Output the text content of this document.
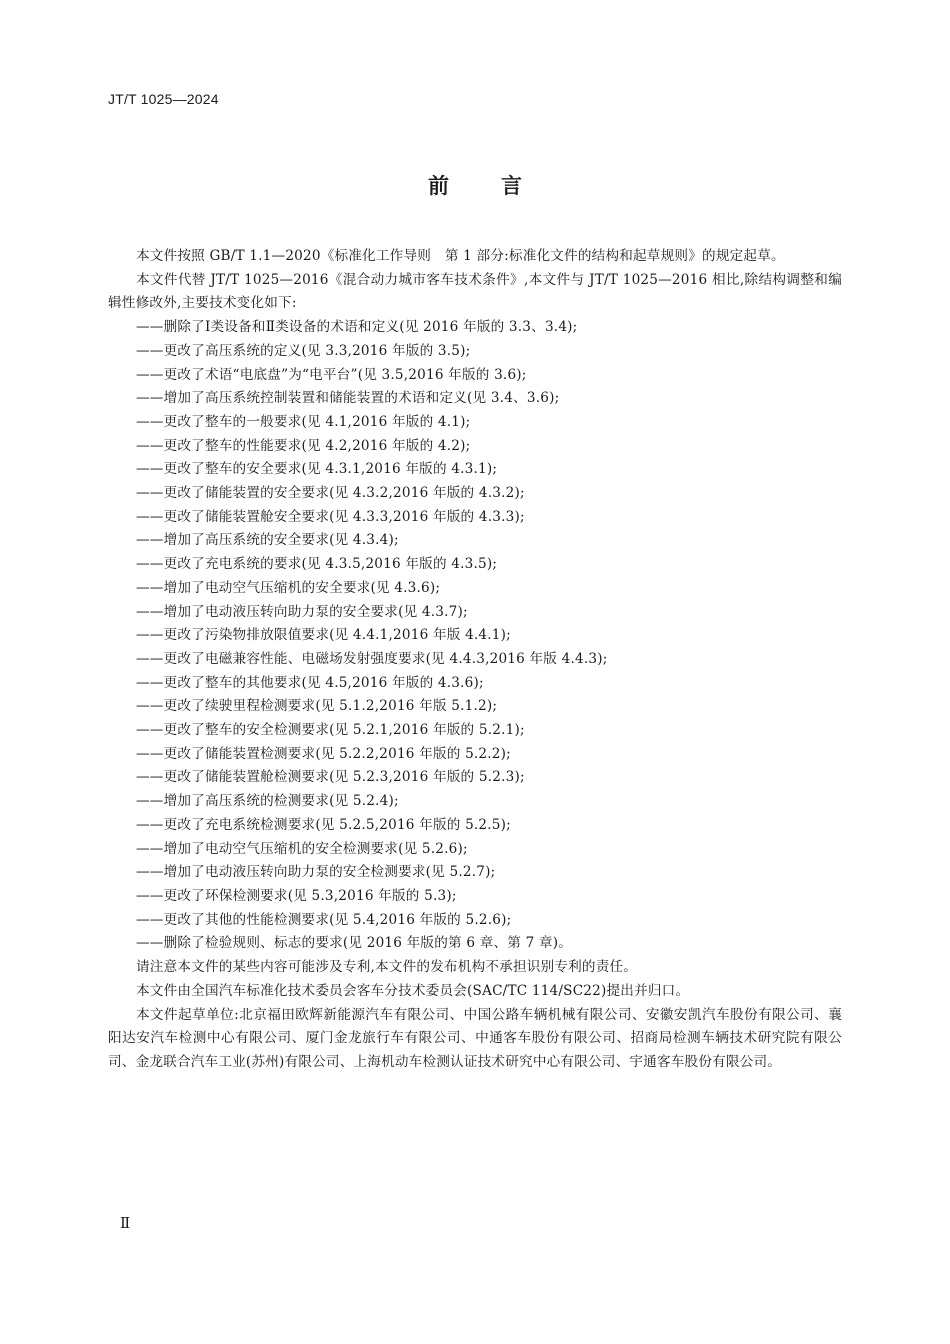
JT/T 1025—2024
前言

本文件按照 GB/T 1.1—2020《标准化工作导则　第 1 部分:标准化文件的结构和起草规则》的规定起草。

本文件代替 JT/T 1025—2016《混合动力城市客车技术条件》,本文件与 JT/T 1025—2016 相比,除结构调整和编辑性修改外,主要技术变化如下:

——删除了Ⅰ类设备和Ⅱ类设备的术语和定义(见 2016 年版的 3.3、3.4);
——更改了高压系统的定义(见 3.3,2016 年版的 3.5);
——更改了术语“电底盘”为“电平台”(见 3.5,2016 年版的 3.6);
——增加了高压系统控制装置和储能装置的术语和定义(见 3.4、3.6);
——更改了整车的一般要求(见 4.1,2016 年版的 4.1);
——更改了整车的性能要求(见 4.2,2016 年版的 4.2);
——更改了整车的安全要求(见 4.3.1,2016 年版的 4.3.1);
——更改了储能装置的安全要求(见 4.3.2,2016 年版的 4.3.2);
——更改了储能装置舱安全要求(见 4.3.3,2016 年版的 4.3.3);
——增加了高压系统的安全要求(见 4.3.4);
——更改了充电系统的要求(见 4.3.5,2016 年版的 4.3.5);
——增加了电动空气压缩机的安全要求(见 4.3.6);
——增加了电动液压转向助力泵的安全要求(见 4.3.7);
——更改了污染物排放限值要求(见 4.4.1,2016 年版 4.4.1);
——更改了电磁兼容性能、电磁场发射强度要求(见 4.4.3,2016 年版 4.4.3);
——更改了整车的其他要求(见 4.5,2016 年版的 4.3.6);
——更改了续驶里程检测要求(见 5.1.2,2016 年版 5.1.2);
——更改了整车的安全检测要求(见 5.2.1,2016 年版的 5.2.1);
——更改了储能装置检测要求(见 5.2.2,2016 年版的 5.2.2);
——更改了储能装置舱检测要求(见 5.2.3,2016 年版的 5.2.3);
——增加了高压系统的检测要求(见 5.2.4);
——更改了充电系统检测要求(见 5.2.5,2016 年版的 5.2.5);
——增加了电动空气压缩机的安全检测要求(见 5.2.6);
——增加了电动液压转向助力泵的安全检测要求(见 5.2.7);
——更改了环保检测要求(见 5.3,2016 年版的 5.3);
——更改了其他的性能检测要求(见 5.4,2016 年版的 5.2.6);
——删除了检验规则、标志的要求(见 2016 年版的第 6 章、第 7 章)。

请注意本文件的某些内容可能涉及专利,本文件的发布机构不承担识别专利的责任。

本文件由全国汽车标准化技术委员会客车分技术委员会(SAC/TC 114/SC22)提出并归口。

本文件起草单位:北京福田欧辉新能源汽车有限公司、中国公路车辆机械有限公司、安徽安凯汽车股份有限公司、襄阳达安汽车检测中心有限公司、厦门金龙旅行车有限公司、中通客车股份有限公司、招商局检测车辆技术研究院有限公司、金龙联合汽车工业(苏州)有限公司、上海机动车检测认证技术研究中心有限公司、宇通客车股份有限公司。

Ⅱ
